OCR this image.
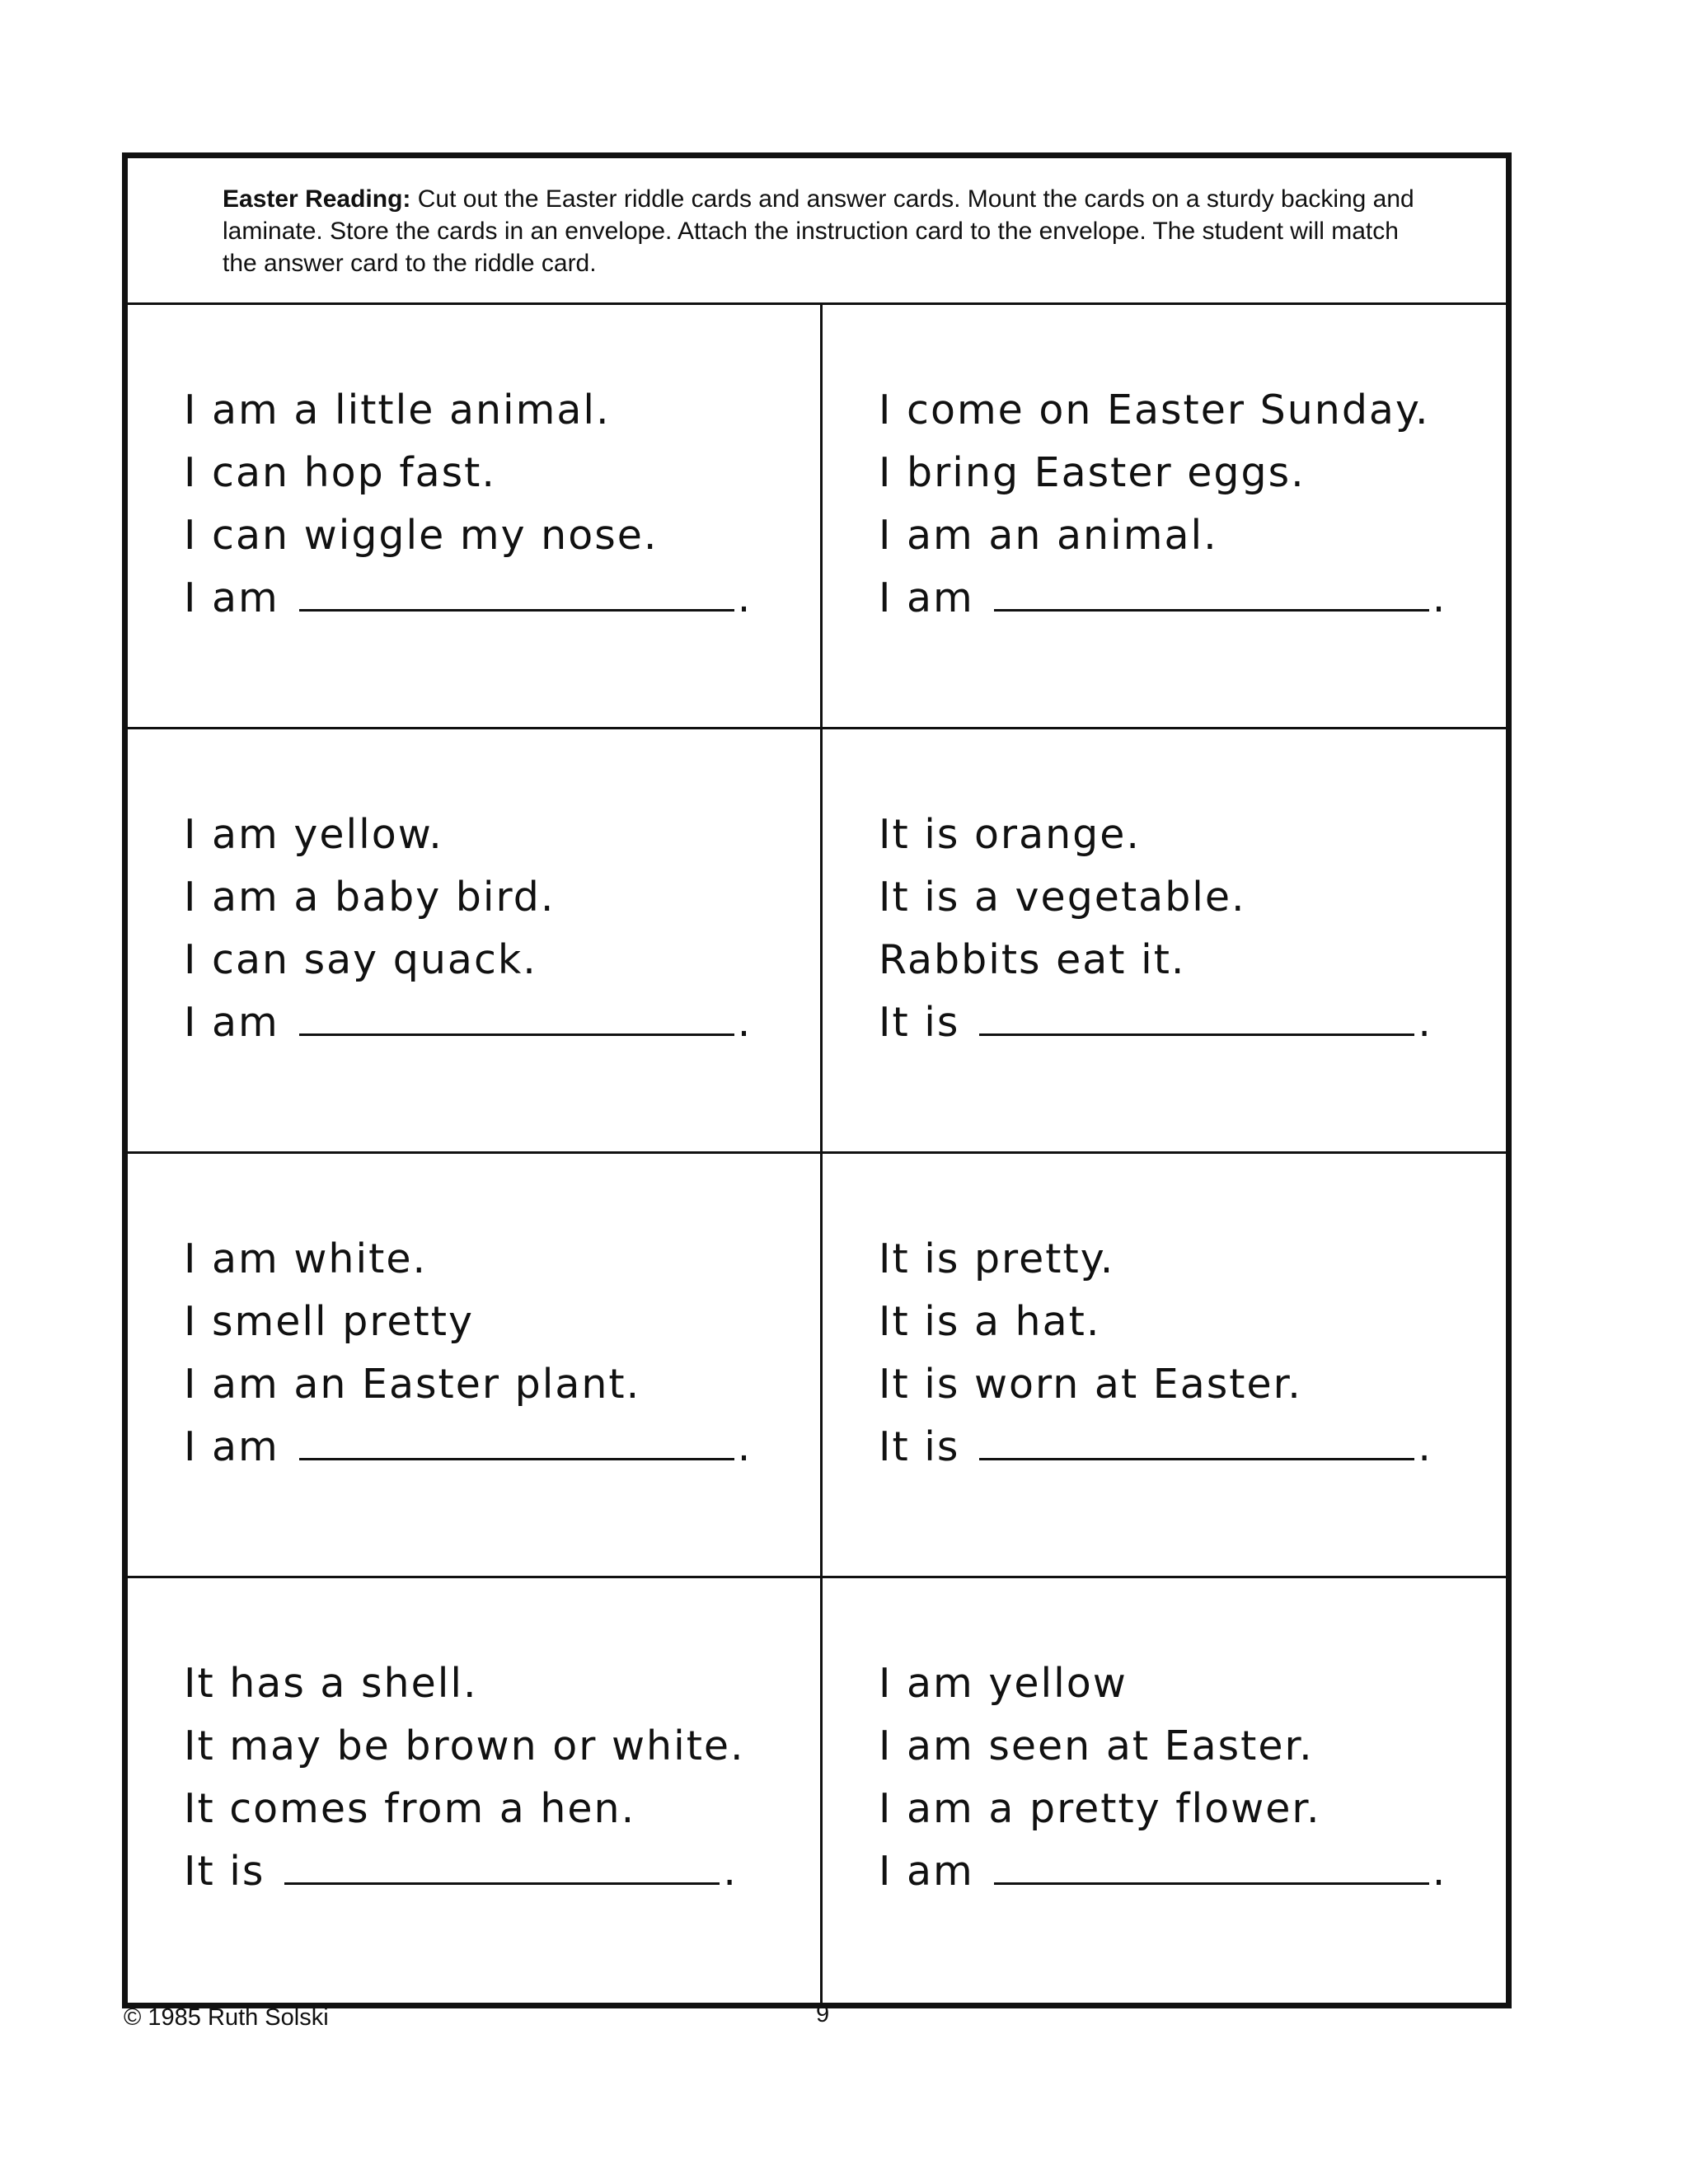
Easter Reading: Cut out the Easter riddle cards and answer cards. Mount the cards on a sturdy backing and laminate. Store the cards in an envelope. Attach the instruction card to the envelope. The student will match the answer card to the riddle card.
I am a little animal.
I can hop fast.
I can wiggle my nose.
I am	.
I come on Easter Sunday.
I bring Easter eggs.
I am an animal.
I am	.
I am yellow.
I am a baby bird.
I can say quack.
I am	.
It is orange.
It is a vegetable.
Rabbits eat it.
It is	.
I am white.
I smell pretty
I am an Easter plant.
I am	.
It is pretty.
It is a hat.
It is worn at Easter.
It is	.
It has a shell.
It may be brown or white.
It comes from a hen.
It is	.
I am yellow
I am seen at Easter.
I am a pretty flower.
I am	.
© 1985 Ruth Solski	9
